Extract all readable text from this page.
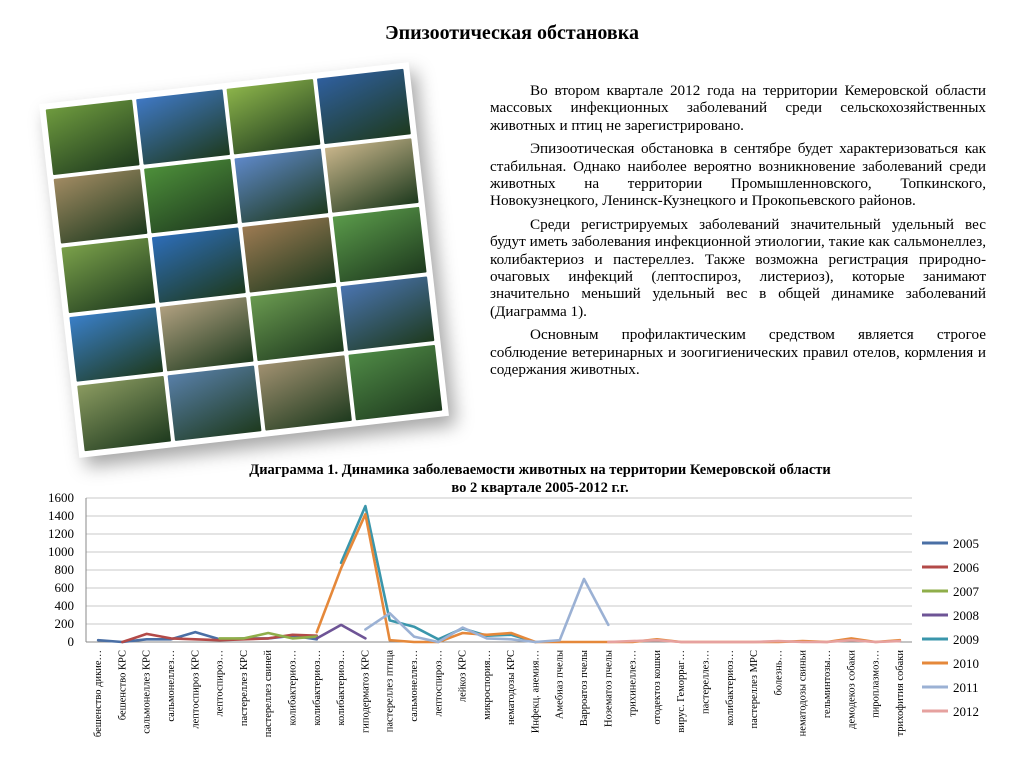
Эпизоотическая обстановка

Во втором квартале 2012 года на территории Кемеровской области массовых инфекционных заболеваний среди сельскохозяйственных животных и птиц не зарегистрировано.

Эпизоотическая обстановка в сентябре будет характеризоваться как стабильная. Однако наиболее вероятно возникновение заболеваний среди животных на территории Промышленновского, Топкинского, Новокузнецкого, Ленинск-Кузнецкого и Прокопьевского районов.

Среди регистрируемых заболеваний значительный удельный вес будут иметь заболевания инфекционной этиологии, такие как сальмонеллез, колибактериоз и пастереллез. Также возможна регистрация природно-очаговых инфекций (лептоспироз, листериоз), которые занимают значительно меньший удельный вес в общей динамике заболеваний (Диаграмма 1).

Основным профилактическим средством является строгое соблюдение ветеринарных и зоогигиенических правил отелов, кормления и содержания животных.

Диаграмма 1. Динамика заболеваемости животных на территории Кемеровской области
во 2 квартале 2005-2012 г.г.
0
200
400
600
800
1000
1200
1400
1600
бешенство дикие… бешенство КРС сальмонеллез КРС сальмонеллез… лептоспироз КРС лептоспироз… пастереллез КРС пастереллез свиней колибактериоз… колибактериоз… колибактериоз… гиподерматоз КРС пастереллез птица сальмонеллез… лептоспироз… лейкоз КРС микроспория… нематодозы КРС Инфекц. анемия… Амебиаз пчелы Варроатоз пчелы Нозематоз пчелы трихинеллез… отодектоз кошки вирус. Геморраг… пастереллез… колибактериоз… пастереллез МРС болезнь… нематодозы свиньи гельминтозы… демодекоз собаки пироплазмоз… трихофития собаки
2005
2006
2007
2008
2009
2010
2011
2012
